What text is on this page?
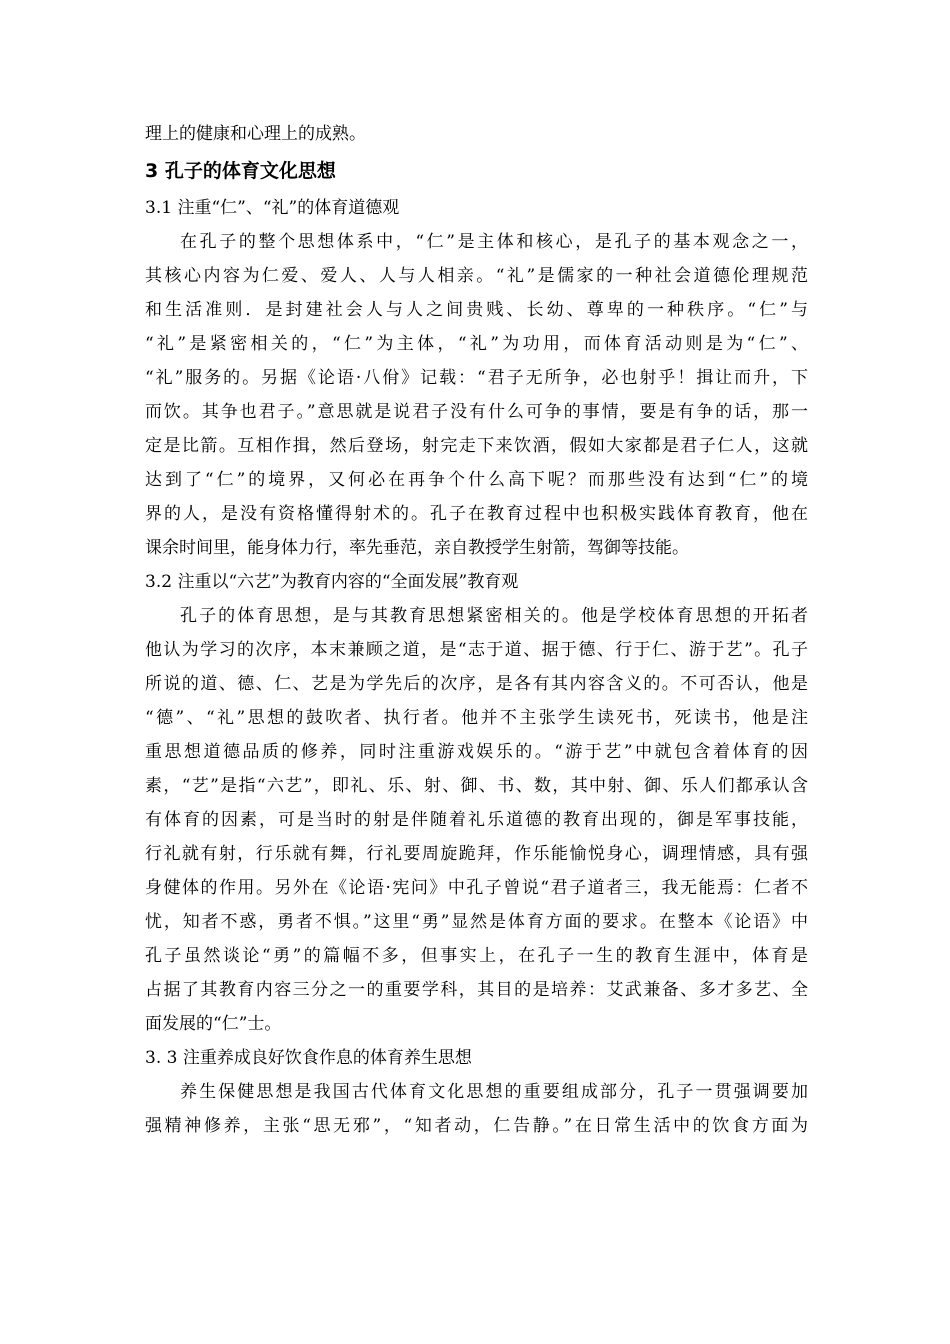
理上的健康和心理上的成熟。
3 孔子的体育文化思想
3.1 注重“仁”、“礼”的体育道德观
在孔子的整个思想体系中，“仁”是主体和核心，是孔子的基本观念之一，
其核心内容为仁爱、爱人、人与人相亲。“礼”是儒家的一种社会道德伦理规范
和生活准则．是封建社会人与人之间贵贱、长幼、尊卑的一种秩序。“仁”与
“礼”是紧密相关的，“仁”为主体，“礼”为功用，而体育活动则是为“仁”、
“礼”服务的。另据《论语·八佾》记载：“君子无所争，必也射乎！揖让而升，下
而饮。其争也君子。”意思就是说君子没有什么可争的事情，要是有争的话，那一
定是比箭。互相作揖，然后登场，射完走下来饮酒，假如大家都是君子仁人，这就
达到了“仁”的境界，又何必在再争个什么高下呢？而那些没有达到“仁”的境
界的人，是没有资格懂得射术的。孔子在教育过程中也积极实践体育教育，他在
课余时间里，能身体力行，率先垂范，亲自教授学生射箭，驾御等技能。
3.2 注重以“六艺”为教育内容的“全面发展”教育观
孔子的体育思想，是与其教育思想紧密相关的。他是学校体育思想的开拓者
他认为学习的次序，本末兼顾之道，是“志于道、据于德、行于仁、游于艺”。孔子
所说的道、德、仁、艺是为学先后的次序，是各有其内容含义的。不可否认，他是
“德”、“礼”思想的鼓吹者、执行者。他并不主张学生读死书，死读书，他是注
重思想道德品质的修养，同时注重游戏娱乐的。“游于艺”中就包含着体育的因
素，“艺”是指“六艺”，即礼、乐、射、御、书、数，其中射、御、乐人们都承认含
有体育的因素，可是当时的射是伴随着礼乐道德的教育出现的，御是军事技能，
行礼就有射，行乐就有舞，行礼要周旋跪拜，作乐能愉悦身心，调理情感，具有强
身健体的作用。另外在《论语·宪问》中孔子曾说“君子道者三，我无能焉：仁者不
忧，知者不惑，勇者不惧。”这里“勇”显然是体育方面的要求。在整本《论语》中
孔子虽然谈论“勇”的篇幅不多，但事实上，在孔子一生的教育生涯中，体育是
占据了其教育内容三分之一的重要学科，其目的是培养：艾武兼备、多才多艺、全
面发展的“仁”士。
3. 3 注重养成良好饮食作息的体育养生思想
养生保健思想是我国古代体育文化思想的重要组成部分，孔子一贯强调要加
强精神修养，主张“思无邪”，“知者动，仁告静。”在日常生活中的饮食方面为
